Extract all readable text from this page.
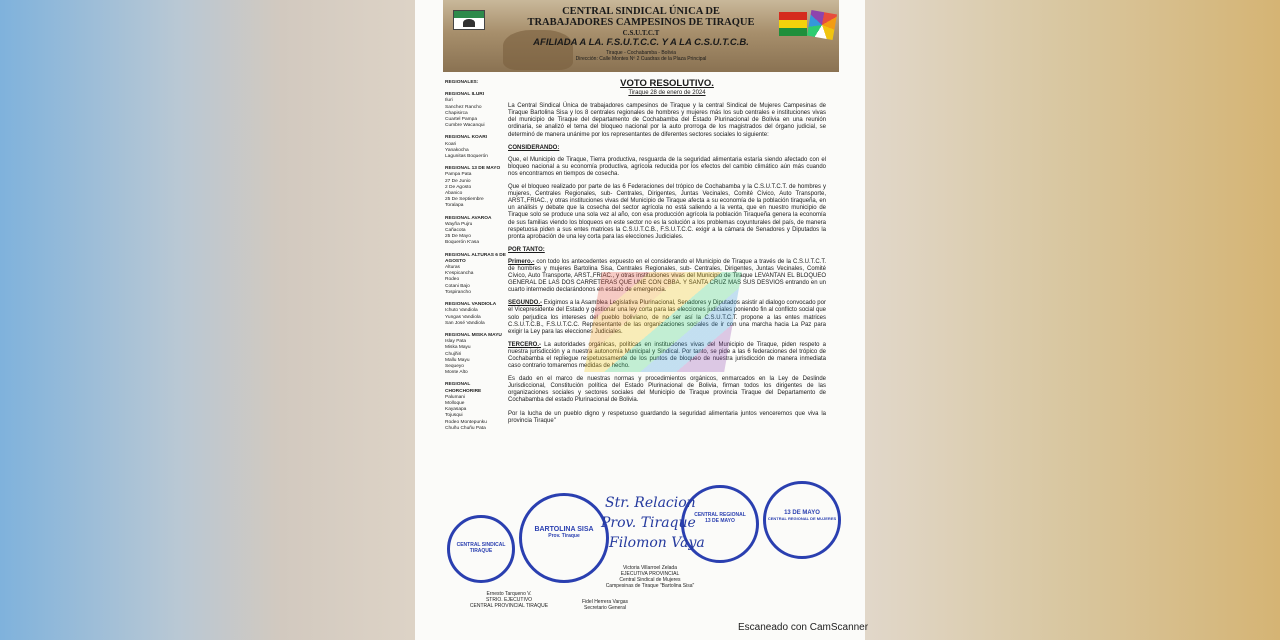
CENTRAL SINDICAL ÚNICA DE
TRABAJADORES CAMPESINOS DE TIRAQUE
C.S.U.T.C.T
AFILIADA A LA. F.S.U.T.C.C. Y A LA C.S.U.T.C.B.
Tiraque - Cochabamba - Bolivia
Dirección: Calle Montes Nº 2 Cuadras de la Plaza Principal
REGIONALES:
REGIONAL ILURI
Iluri
Sanchez Rancho
Chapisirca
Cuartel Pampa
Cumbre Wacanqui
REGIONAL KOARI
Koari
Yanakocha
Lagunitas Boquerón
REGIONAL 13 DE MAYO
Pampa Pata
27 De Junio
2 De Agosto
Abanico
25 De Septiembre
Toralapa
REGIONAL AVAROA
Wayña Pujru
Cañacota
25 De Mayo
Boquerón K'asa
REGIONAL ALTURAS 6 DE AGOSTO
Alturas
K'espicancha
Rodeo
Cotani Bajo
Tospirancho
REGIONAL VANDIOLA
Ichuto Vandiola
Yungas Vandiola
San José Vandiola
REGIONAL MISKA MAYU
Islay Pata
Miska Mayu
Chujñiri
Mallu Mayu
Sequeyo
Monte Alto
REGIONAL CHORCHORIRE
Palumani
Molloque
Kayasapa
Tojusqui
Rodeo Montepunku
Chuñu Chuñu Pata
VOTO RESOLUTIVO.
Tiraque 28 de enero de 2024

La Central Sindical Única de trabajadores campesinos de Tiraque y la central Sindical de Mujeres Campesinas de Tiraque Bartolina Sisa y los 8 centrales regionales de hombres y mujeres más los sub centrales e instituciones vivas del municipio de Tiraque del departamento de Cochabamba del Estado Plurinacional de Bolivia en una reunión ordinaria, se analizó el tema del bloqueo nacional por la auto prorroga de los magistrados del órgano judicial, se determinó de manera unánime por los representantes de diferentes sectores sociales lo siguiente:

CONSIDERANDO:

Que, el Municipio de Tiraque, Tierra productiva, resguarda de la seguridad alimentaria estaría siendo afectado con el bloqueo nacional a su economía productiva, agrícola reducida por los efectos del cambio climático aún más cuando nos encontramos en tiempos de cosecha.

Que el bloqueo realizado por parte de las 6 Federaciones del trópico de Cochabamba y la C.S.U.T.C.T. de hombres y mujeres, Centrales Regionales, sub- Centrales, Dirigentes, Juntas Vecinales, Comité Cívico, Auto Transporte, ARST.,FRIAC., y otras instituciones vivas del Municipio de Tiraque afecta a su economía de la población tiraqueña, en un análisis y debate que la cosecha del sector agrícola no está saliendo a la venta, que en nuestro municipio de Tiraque solo se produce una sola vez al año, con esa producción agrícola la población Tiraqueña genera la economía de sus familias viendo los bloqueos en este sector no es la solución a los problemas coyunturales del país, de manera respetuosa piden a sus entes matrices la C.S.U.T.C.B., F.S.U.T.C.C. exigir a la cámara de Senadores y Diputados la pronta aprobación de una ley corta para las elecciones Judiciales.

POR TANTO:

Primero.- con todo los antecedentes expuesto en el considerando el Municipio de Tiraque a través de la C.S.U.T.C.T. de hombres y mujeres Bartolina Sisa, Centrales Regionales, sub- Centrales, Dirigentes, Juntas Vecinales, Comité Cívico, Auto Transporte, ARST.,FRIAC., y otras instituciones vivas del Municipio de Tiraque LEVANTAN EL BLOQUEO GENERAL DE LAS DOS CARRETERAS QUE UNE CON CBBA. Y SANTA CRUZ MAS SUS DESVIOS entrando en un cuarto intermedio declarándonos en estado de emergencia.

SEGUNDO.- Exigimos a la Asamblea Legislativa Plurinacional, Senadores y Diputados asistir al dialogo convocado por el Vicepresidente del Estado y gestionar una ley corta para las elecciones judiciales poniendo fin al conflicto social que solo perjudica los intereses del pueblo boliviano, de no ser así la C.S.U.T.C.T. propone a las entes matrices C.S.U.T.C.B., F.S.U.T.C.C. Representante de las organizaciones sociales de ir con una marcha hacia La Paz para exigir la Ley para las elecciones Judiciales.

TERCERO.- La autoridades orgánicas, políticas en instituciones vivas del Municipio de Tiraque, piden respeto a nuestra jurisdicción y a nuestra autonomía Municipal y Sindical. Por tanto, se pide a las 6 federaciones del trópico de Cochabamba el repliegue respetuosamente de los puntos de bloqueo de nuestra jurisdicción de manera inmediata caso contrario tomaremos medidas de hecho.

Es dado en el marco de nuestras normas y procedimientos orgánicos, enmarcados en la Ley de Deslinde Jurisdiccional, Constitución política del Estado Plurinacional de Bolivia, firman todos los dirigentes de las organizaciones sociales y sectores sociales del Municipio de Tiraque provincia Tiraque del Departamento de Cochabamba del estado Plurinacional de Bolivia.

Por la lucha de un pueblo digno y respetuoso guardando la seguridad alimentaria juntos venceremos que viva la provincia Tiraque"

CENTRAL SINDICAL TIRAQUE
BARTOLINA SISA
Prov. Tiraque
CENTRAL REGIONAL
13 DE MAYO
13 DE MAYO
CENTRAL REGIONAL DE MUJERES
Str. Relacion
Prov. Tiraque
Filomon Vaya
Victoria Villarroel Zelada
EJECUTIVA PROVINCIAL
Central Sindical de Mujeres
Campesinas de Tiraque "Bartolina Sisa"
Ernesto Tarqueno V.
STRIO. EJECUTIVO
CENTRAL PROVINCIAL TIRAQUE
Fidel Herrera Vargas
Secretario General
Escaneado con CamScanner
